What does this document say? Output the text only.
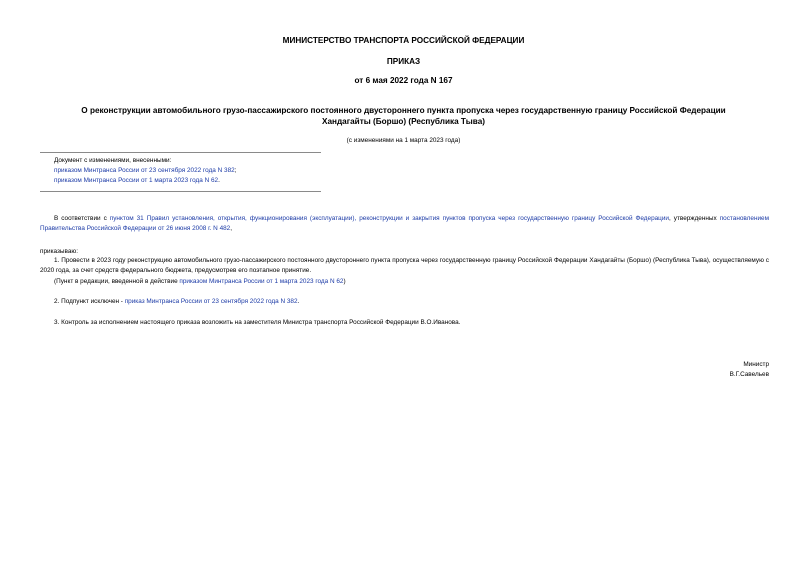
МИНИСТЕРСТВО ТРАНСПОРТА РОССИЙСКОЙ ФЕДЕРАЦИИ
ПРИКАЗ
от 6 мая 2022 года N 167
О реконструкции автомобильного грузо-пассажирского постоянного двустороннего пункта пропуска через государственную границу Российской Федерации
Хандагайты (Боршо) (Республика Тыва)
(с изменениями на 1 марта 2023 года)
Документ с изменениями, внесенными:
приказом Минтранса России от 23 сентября 2022 года N 382;
приказом Минтранса России от 1 марта 2023 года N 62.
В соответствии с пунктом 31 Правил установления, открытия, функционирования (эксплуатации), реконструкции и закрытия пунктов пропуска через государственную границу Российской Федерации, утвержденных постановлением Правительства Российской Федерации от 26 июня 2008 г. N 482,
приказываю:
1. Провести в 2023 году реконструкцию автомобильного грузо-пассажирского постоянного двустороннего пункта пропуска через государственную границу Российской Федерации Хандагайты (Боршо) (Республика Тыва), осуществляемую с 2020 года, за счет средств федерального бюджета, предусмотрев его поэтапное принятие.
(Пункт в редакции, введенной в действие приказом Минтранса России от 1 марта 2023 года N 62)
2. Подпункт исключен - приказ Минтранса России от 23 сентября 2022 года N 382.
3. Контроль за исполнением настоящего приказа возложить на заместителя Министра транспорта Российской Федерации В.О.Иванова.
Министр
В.Г.Савельев
